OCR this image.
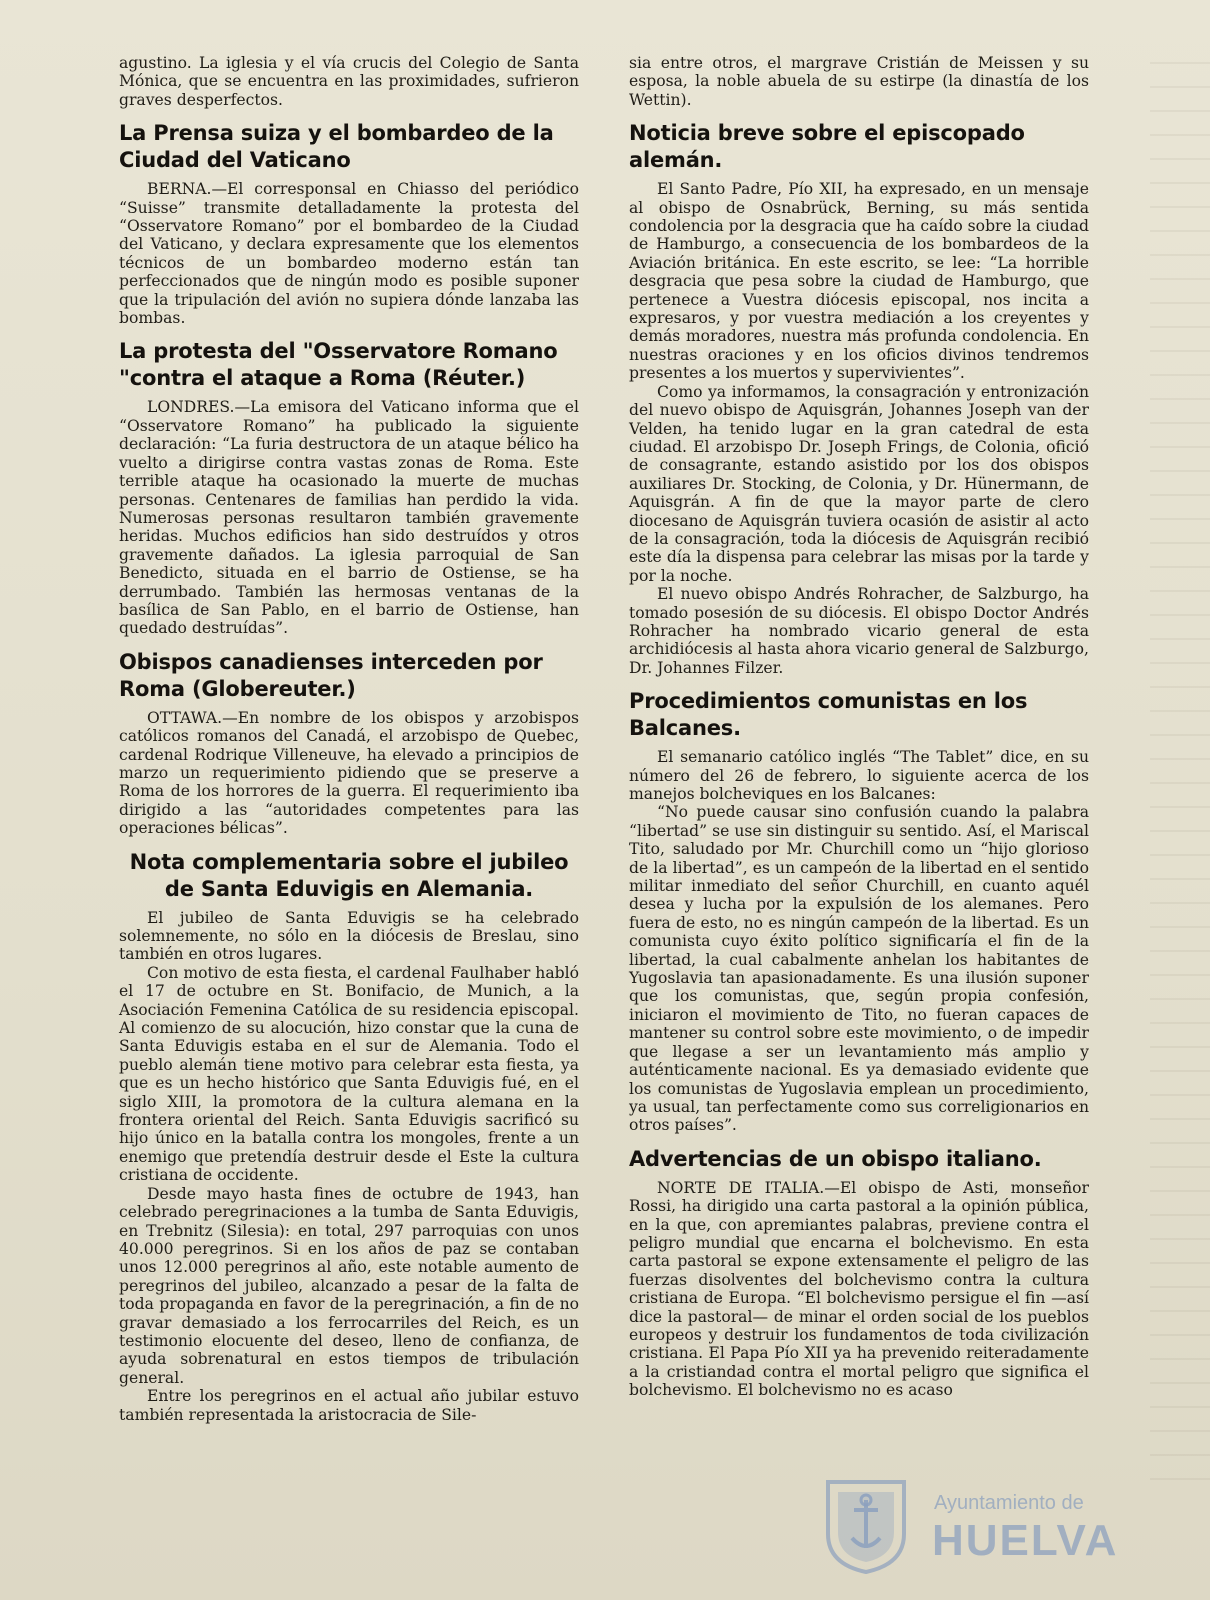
agustino. La iglesia y el vía crucis del Colegio de Santa Mónica, que se encuentra en las proximidades, sufrieron graves desperfectos.

La Prensa suiza y el bombardeo de la Ciudad del Vaticano

BERNA.—El corresponsal en Chiasso del periódico “Suisse” transmite detalladamente la protesta del “Osservatore Romano” por el bombardeo de la Ciudad del Vaticano, y declara expresamente que los elementos técnicos de un bombardeo moderno están tan perfeccionados que de ningún modo es posible suponer que la tripulación del avión no supiera dónde lanzaba las bombas.

La protesta del "Osservatore Romano "contra el ataque a Roma (Réuter.)

LONDRES.—La emisora del Vaticano informa que el “Osservatore Romano” ha publicado la siguiente declaración: “La furia destructora de un ataque bélico ha vuelto a dirigirse contra vastas zonas de Roma. Este terrible ataque ha ocasionado la muerte de muchas personas. Centenares de familias han perdido la vida. Numerosas personas resultaron también gravemente heridas. Muchos edificios han sido destruídos y otros gravemente dañados. La iglesia parroquial de San Benedicto, situada en el barrio de Ostiense, se ha derrumbado. También las hermosas ventanas de la basílica de San Pablo, en el barrio de Ostiense, han quedado destruídas”.

Obispos canadienses interceden por Roma (Globereuter.)

OTTAWA.—En nombre de los obispos y arzobispos católicos romanos del Canadá, el arzobispo de Quebec, cardenal Rodrique Villeneuve, ha elevado a principios de marzo un requerimiento pidiendo que se preserve a Roma de los horrores de la guerra. El requerimiento iba dirigido a las “autoridades competentes para las operaciones bélicas”.

Nota complementaria sobre el jubileo de Santa Eduvigis en Alemania.

El jubileo de Santa Eduvigis se ha celebrado solemnemente, no sólo en la diócesis de Breslau, sino también en otros lugares.

Con motivo de esta fiesta, el cardenal Faulhaber habló el 17 de octubre en St. Bonifacio, de Munich, a la Asociación Femenina Católica de su residencia episcopal. Al comienzo de su alocución, hizo constar que la cuna de Santa Eduvigis estaba en el sur de Alemania. Todo el pueblo alemán tiene motivo para celebrar esta fiesta, ya que es un hecho histórico que Santa Eduvigis fué, en el siglo XIII, la promotora de la cultura alemana en la frontera oriental del Reich. Santa Eduvigis sacrificó su hijo único en la batalla contra los mongoles, frente a un enemigo que pretendía destruir desde el Este la cultura cristiana de occidente.

Desde mayo hasta fines de octubre de 1943, han celebrado peregrinaciones a la tumba de Santa Eduvigis, en Trebnitz (Silesia): en total, 297 parroquias con unos 40.000 peregrinos. Si en los años de paz se contaban unos 12.000 peregrinos al año, este notable aumento de peregrinos del jubileo, alcanzado a pesar de la falta de toda propaganda en favor de la peregrinación, a fin de no gravar demasiado a los ferrocarriles del Reich, es un testimonio elocuente del deseo, lleno de confianza, de ayuda sobrenatural en estos tiempos de tribulación general.

Entre los peregrinos en el actual año jubilar estuvo también representada la aristocracia de Sile-

sia entre otros, el margrave Cristián de Meissen y su esposa, la noble abuela de su estirpe (la dinastía de los Wettin).

Noticia breve sobre el episcopado alemán.

El Santo Padre, Pío XII, ha expresado, en un mensaje al obispo de Osnabrück, Berning, su más sentida condolencia por la desgracia que ha caído sobre la ciudad de Hamburgo, a consecuencia de los bombardeos de la Aviación británica. En este escrito, se lee: “La horrible desgracia que pesa sobre la ciudad de Hamburgo, que pertenece a Vuestra diócesis episcopal, nos incita a expresaros, y por vuestra mediación a los creyentes y demás moradores, nuestra más profunda condolencia. En nuestras oraciones y en los oficios divinos tendremos presentes a los muertos y supervivientes”.

Como ya informamos, la consagración y entronización del nuevo obispo de Aquisgrán, Johannes Joseph van der Velden, ha tenido lugar en la gran catedral de esta ciudad. El arzobispo Dr. Joseph Frings, de Colonia, ofició de consagrante, estando asistido por los dos obispos auxiliares Dr. Stocking, de Colonia, y Dr. Hünermann, de Aquisgrán. A fin de que la mayor parte de clero diocesano de Aquisgrán tuviera ocasión de asistir al acto de la consagración, toda la diócesis de Aquisgrán recibió este día la dispensa para celebrar las misas por la tarde y por la noche.

El nuevo obispo Andrés Rohracher, de Salzburgo, ha tomado posesión de su diócesis. El obispo Doctor Andrés Rohracher ha nombrado vicario general de esta archidiócesis al hasta ahora vicario general de Salzburgo, Dr. Johannes Filzer.

Procedimientos comunistas en los Balcanes.

El semanario católico inglés “The Tablet” dice, en su número del 26 de febrero, lo siguiente acerca de los manejos bolcheviques en los Balcanes:

“No puede causar sino confusión cuando la palabra “libertad” se use sin distinguir su sentido. Así, el Mariscal Tito, saludado por Mr. Churchill como un “hijo glorioso de la libertad”, es un campeón de la libertad en el sentido militar inmediato del señor Churchill, en cuanto aquél desea y lucha por la expulsión de los alemanes. Pero fuera de esto, no es ningún campeón de la libertad. Es un comunista cuyo éxito político significaría el fin de la libertad, la cual cabalmente anhelan los habitantes de Yugoslavia tan apasionadamente. Es una ilusión suponer que los comunistas, que, según propia confesión, iniciaron el movimiento de Tito, no fueran capaces de mantener su control sobre este movimiento, o de impedir que llegase a ser un levantamiento más amplio y auténticamente nacional. Es ya demasiado evidente que los comunistas de Yugoslavia emplean un procedimiento, ya usual, tan perfectamente como sus correligionarios en otros países”.

Advertencias de un obispo italiano.

NORTE DE ITALIA.—El obispo de Asti, monseñor Rossi, ha dirigido una carta pastoral a la opinión pública, en la que, con apremiantes palabras, previene contra el peligro mundial que encarna el bolchevismo. En esta carta pastoral se expone extensamente el peligro de las fuerzas disolventes del bolchevismo contra la cultura cristiana de Europa. “El bolchevismo persigue el fin —así dice la pastoral— de minar el orden social de los pueblos europeos y destruir los fundamentos de toda civilización cristiana. El Papa Pío XII ya ha prevenido reiteradamente a la cristiandad contra el mortal peligro que significa el bolchevismo. El bolchevismo no es acaso

Ayuntamiento de
HUELVA
